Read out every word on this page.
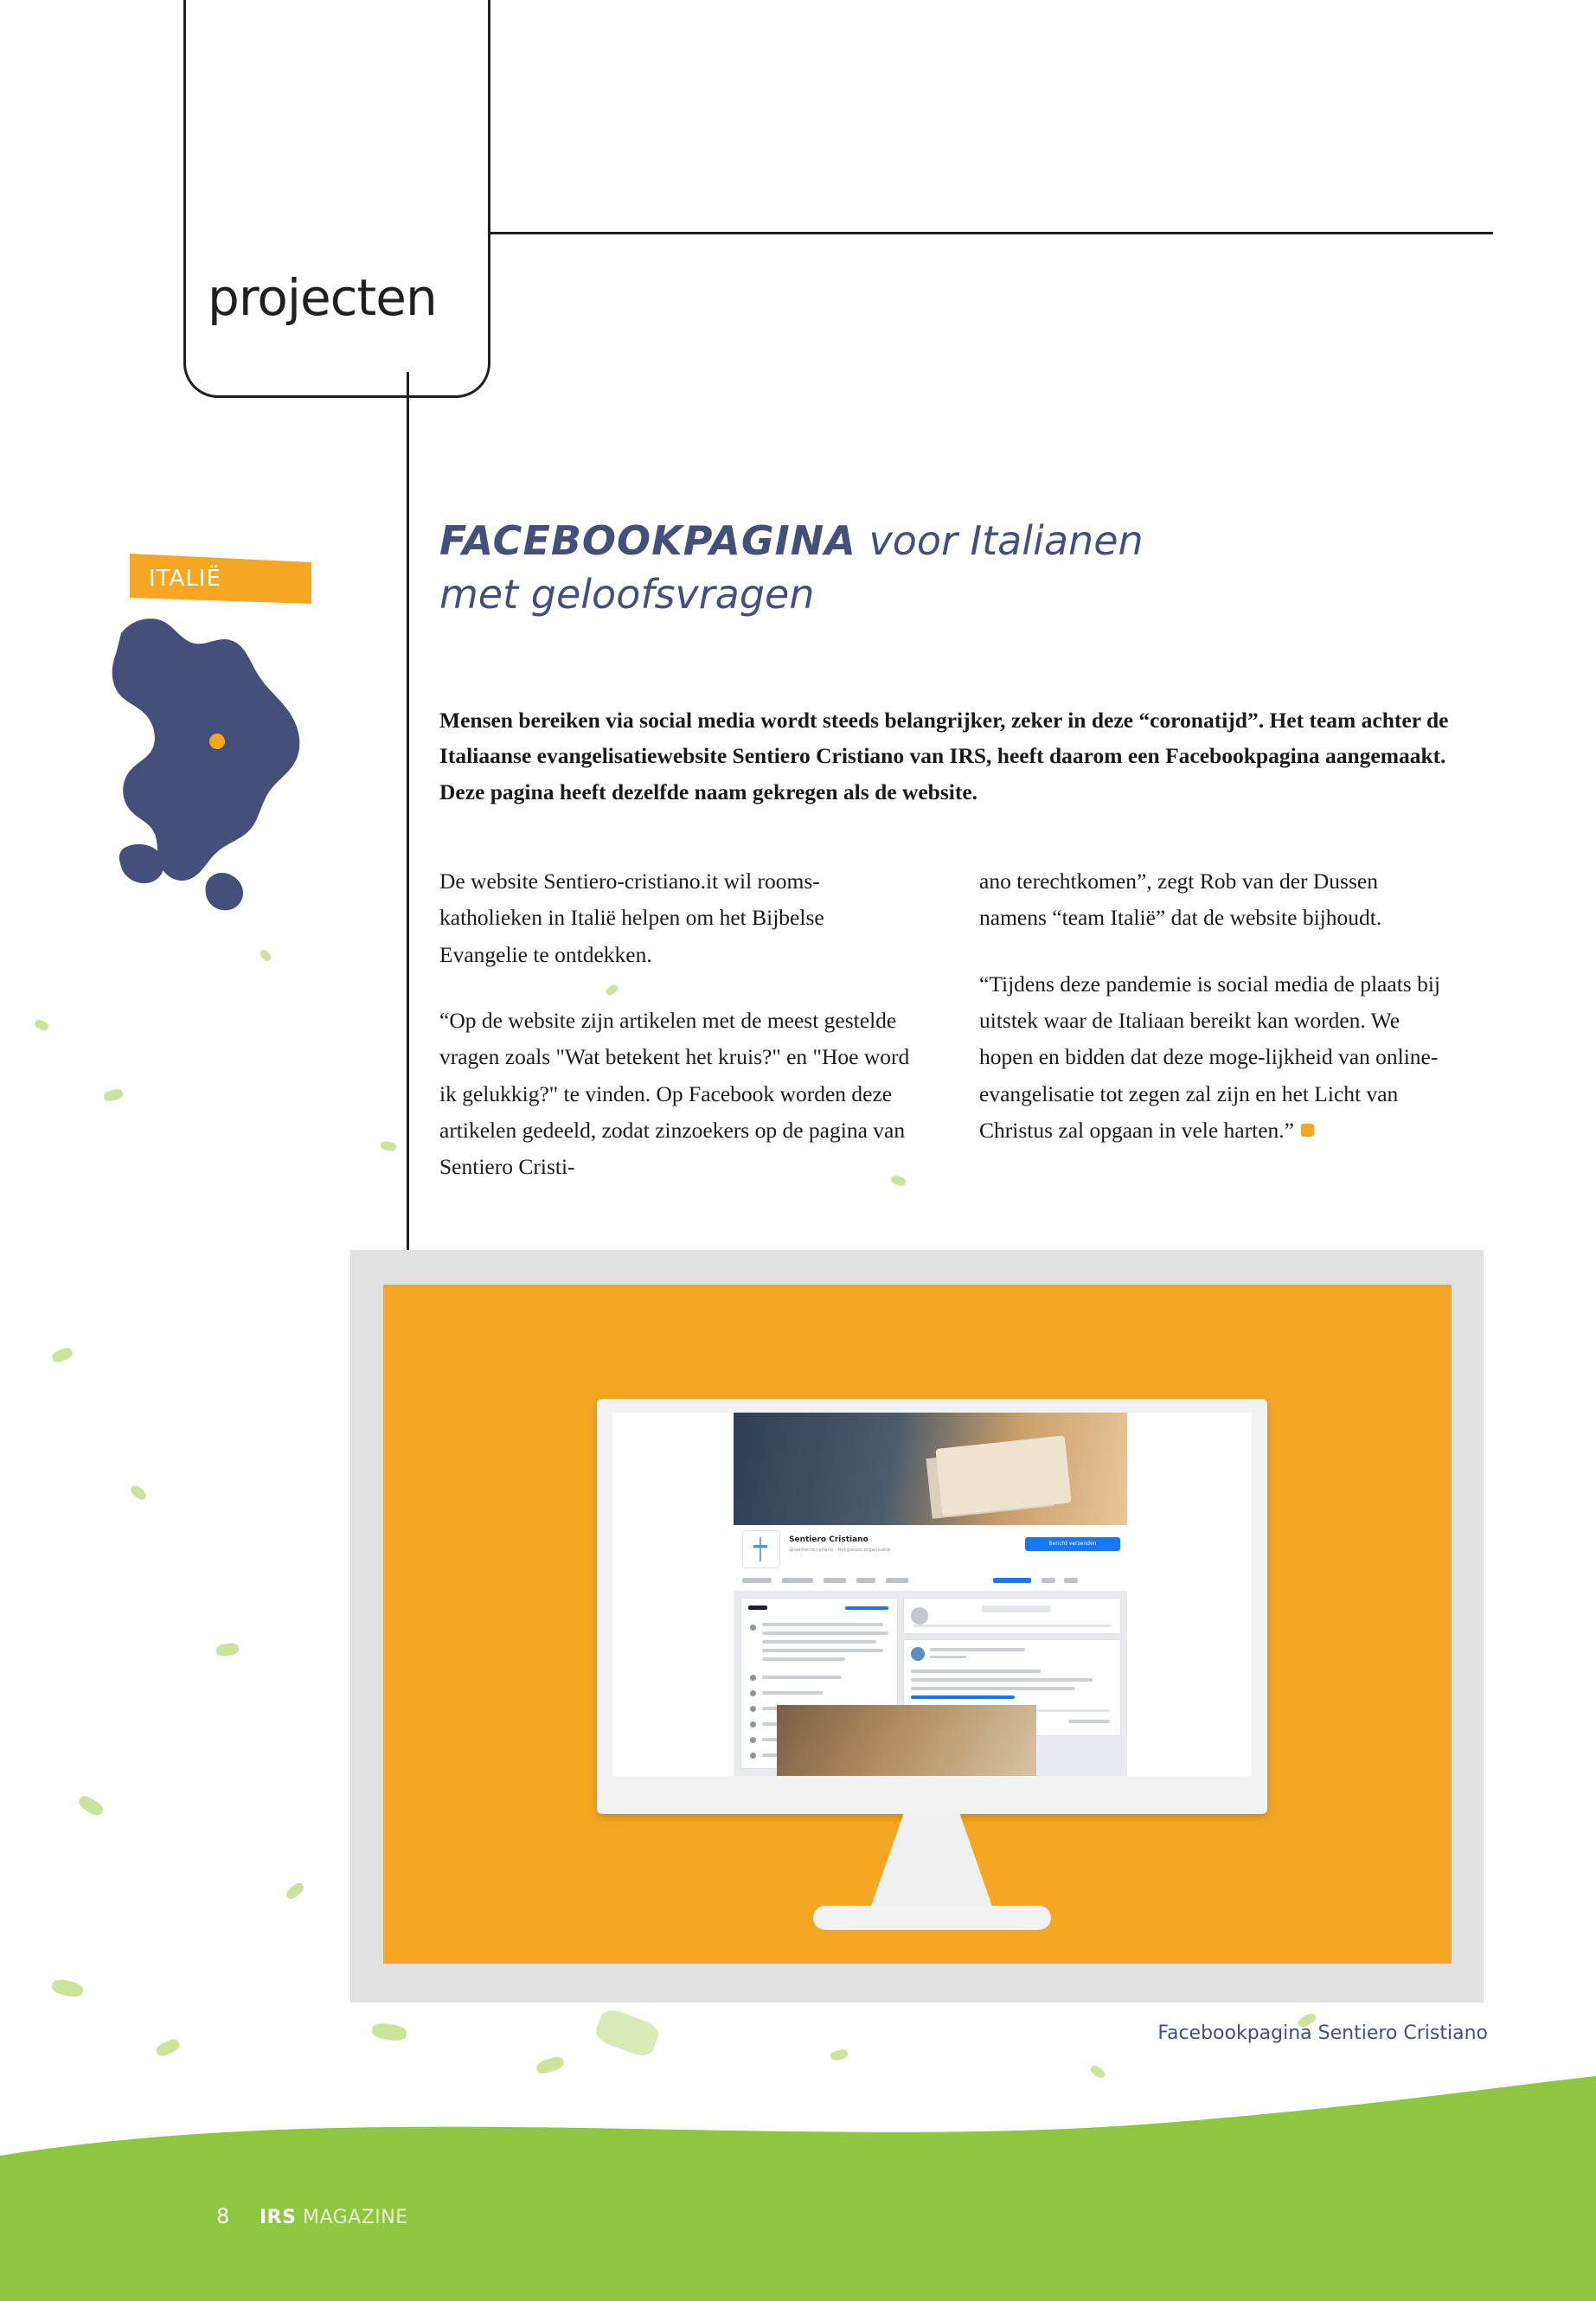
projecten
ITALIË
FACEBOOKPAGINA voor Italianen
met geloofsvragen
Mensen bereiken via social media wordt steeds belangrijker, zeker in deze “coronatijd”. Het team achter de Italiaanse evangelisatiewebsite Sentiero Cristiano van IRS, heeft daarom een Facebookpagina aangemaakt. Deze pagina heeft dezelfde naam gekregen als de website.

De website Sentiero-cristiano.it wil rooms-katholieken in Italië helpen om het Bijbelse Evangelie te ontdekken.

“Op de website zijn artikelen met de meest gestelde vragen zoals "Wat betekent het kruis?" en "Hoe word ik gelukkig?" te vinden. Op Facebook worden deze artikelen gedeeld, zodat zinzoekers op de pagina van Sentiero Cristi-

ano terechtkomen”, zegt Rob van der Dussen namens “team Italië” dat de website bijhoudt.

“Tijdens deze pandemie is social media de plaats bij uitstek waar de Italiaan bereikt kan worden. We hopen en bidden dat deze moge-lijkheid van online-evangelisatie tot zegen zal zijn en het Licht van Christus zal opgaan in vele harten.”

Sentiero Cristiano
@sentierocristiano · Religieuze organisatie
Bericht verzenden
Facebookpagina Sentiero Cristiano
8 IRS MAGAZINE
